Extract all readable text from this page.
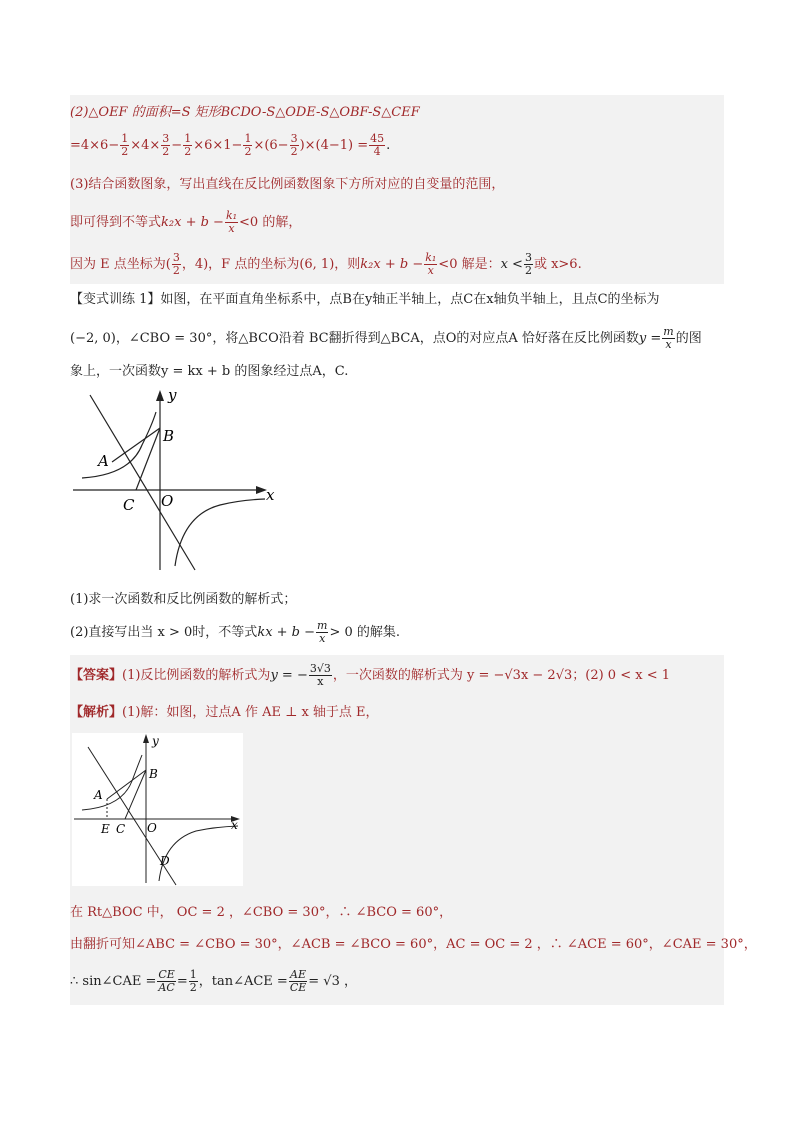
(2)△OEF 的面积=S 矩形BCDO-S△ODE-S△OBF-S△CEF
$=4\times 6- \frac{1}{2} \times 4\times \frac{3}{2} - \frac{1}{2} \times 6\times 1- \frac{1}{2} \times(6- \frac{3}{2} )\times(4-1) = \frac{45}{4}$ .
(3)结合函数图象，写出直线在反比例函数图象下方所对应的自变量的范围，
即可得到不等式$k_2x + b - \frac{\text{k₁}}{x} <0$ 的解，
因为 E 点坐标为( $\frac{3}{2}$ ，4)，F 点的坐标为(6, 1)，则$k_2x + b - \frac{\text{k₁}}{x} <0$ 解是：$x < \frac{3}{2}$ 或 x>6.
【变式训练 1】如图，在平面直角坐标系中，点B在y轴正半轴上，点C在x轴负半轴上，且点C的坐标为
(−2, 0)，∠CBO = 30°，将△BCO沿着 BC翻折得到△BCA，点O的对应点A 恰好落在反比例函数$y = \frac{m}{x}$ 的图
象上，一次函数y = kx + b 的图象经过点A，C.
y
x
B
A
C O
(1)求一次函数和反比例函数的解析式；
(2)直接写出当 x > 0时，不等式kx + $b - \frac{m}{x} > 0$ 的解集.
【答案】(1)反比例函数的解析式为y = − $\frac{3√3}{x}$ ，一次函数的解析式为 y = −√3x − 2√3；(2) 0 < x < 1
【解析】(1)解：如图，过点A 作 AE ⊥ x 轴于点 E，
y
x
B
A
E C O
D
在 Rt△BOC 中， OC = 2 ，∠CBO = 30°，∴ ∠BCO = 60°，
由翻折可知∠ABC = ∠CBO = 30°，∠ACB = ∠BCO = 60°，AC = OC = 2 ，∴ ∠ACE = 60°，∠CAE = 30°，
∴ sin∠CAE = $\frac{CE}{AC} = \frac{1}{2}$ ，tan∠ACE = $\frac{AE}{CE} = √3$ ，
